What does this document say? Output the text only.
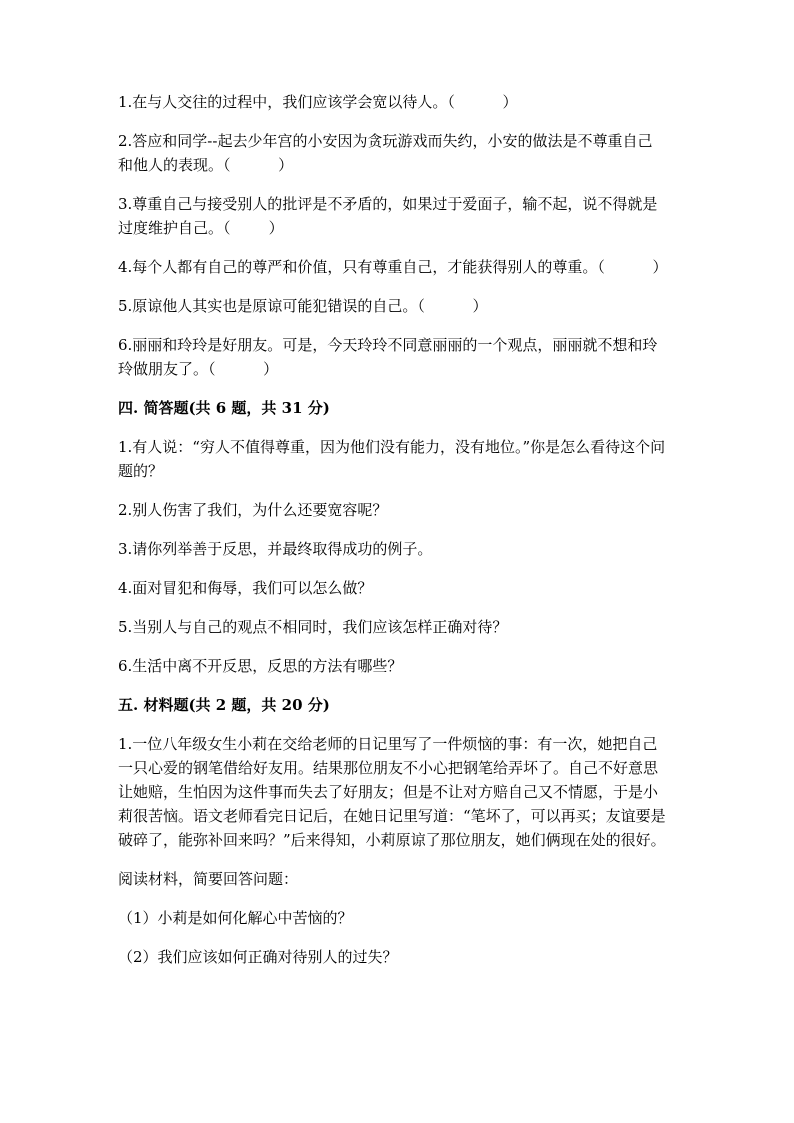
1.在与人交往的过程中，我们应该学会宽以待人。（          ）

2.答应和同学--起去少年宫的小安因为贪玩游戏而失约，小安的做法是不尊重自己和他人的表现。（          ）

3.尊重自己与接受别人的批评是不矛盾的，如果过于爱面子，输不起，说不得就是过度维护自己。（        ）

4.每个人都有自己的尊严和价值，只有尊重自己，才能获得别人的尊重。（          ）

5.原谅他人其实也是原谅可能犯错误的自己。（          ）

6.丽丽和玲玲是好朋友。可是，今天玲玲不同意丽丽的一个观点，丽丽就不想和玲玲做朋友了。（          ）

四. 简答题(共 6 题，共 31 分)

1.有人说：“穷人不值得尊重，因为他们没有能力，没有地位。”你是怎么看待这个问题的？

2.别人伤害了我们，为什么还要宽容呢？

3.请你列举善于反思，并最终取得成功的例子。

4.面对冒犯和侮辱，我们可以怎么做？

5.当别人与自己的观点不相同时，我们应该怎样正确对待？

6.生活中离不开反思，反思的方法有哪些？

五. 材料题(共 2 题，共 20 分)

1.一位八年级女生小莉在交给老师的日记里写了一件烦恼的事：有一次，她把自己一只心爱的钢笔借给好友用。结果那位朋友不小心把钢笔给弄坏了。自己不好意思让她赔，生怕因为这件事而失去了好朋友；但是不让对方赔自己又不情愿，于是小莉很苦恼。语文老师看完日记后，在她日记里写道：“笔坏了，可以再买；友谊要是破碎了，能弥补回来吗？”后来得知，小莉原谅了那位朋友，她们俩现在处的很好。

阅读材料，简要回答问题：

（1）小莉是如何化解心中苦恼的？

（2）我们应该如何正确对待别人的过失？
